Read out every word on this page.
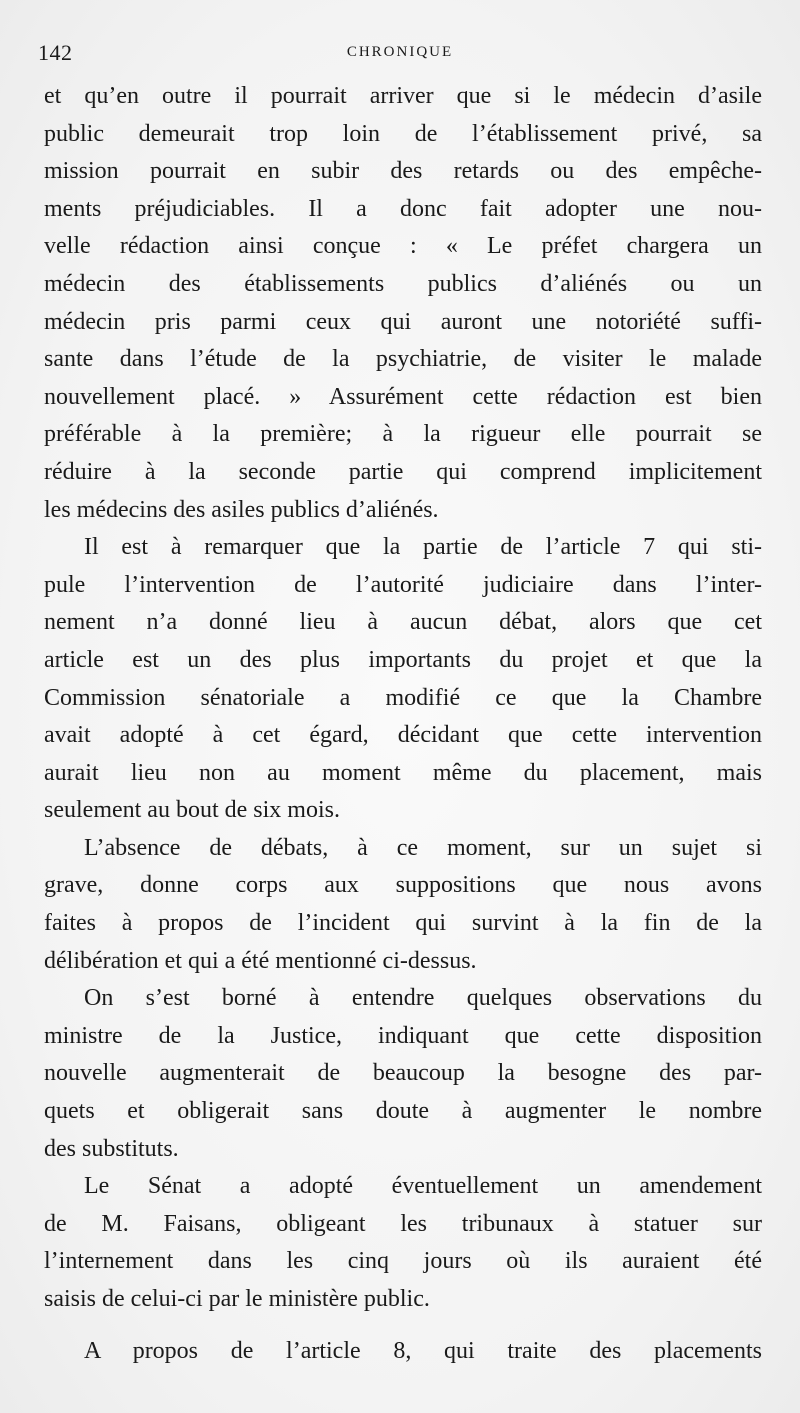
142	CHRONIQUE
et qu’en outre il pourrait arriver que si le médecin d’asile
public demeurait trop loin de l’établissement privé, sa
mission pourrait en subir des retards ou des empêche-
ments préjudiciables. Il a donc fait adopter une nou-
velle rédaction ainsi conçue : « Le préfet chargera un
médecin des établissements publics d’aliénés ou un
médecin pris parmi ceux qui auront une notoriété suffi-
sante dans l’étude de la psychiatrie, de visiter le malade
nouvellement placé. » Assurément cette rédaction est bien
préférable à la première; à la rigueur elle pourrait se
réduire à la seconde partie qui comprend implicitement
les médecins des asiles publics d’aliénés.
Il est à remarquer que la partie de l’article 7 qui sti-
pule l’intervention de l’autorité judiciaire dans l’inter-
nement n’a donné lieu à aucun débat, alors que cet
article est un des plus importants du projet et que la
Commission sénatoriale a modifié ce que la Chambre
avait adopté à cet égard, décidant que cette intervention
aurait lieu non au moment même du placement, mais
seulement au bout de six mois.
L’absence de débats, à ce moment, sur un sujet si
grave, donne corps aux suppositions que nous avons
faites à propos de l’incident qui survint à la fin de la
délibération et qui a été mentionné ci-dessus.
On s’est borné à entendre quelques observations du
ministre de la Justice, indiquant que cette disposition
nouvelle augmenterait de beaucoup la besogne des par-
quets et obligerait sans doute à augmenter le nombre
des substituts.
Le Sénat a adopté éventuellement un amendement
de M. Faisans, obligeant les tribunaux à statuer sur
l’internement dans les cinq jours où ils auraient été
saisis de celui-ci par le ministère public.
A propos de l’article 8, qui traite des placements
